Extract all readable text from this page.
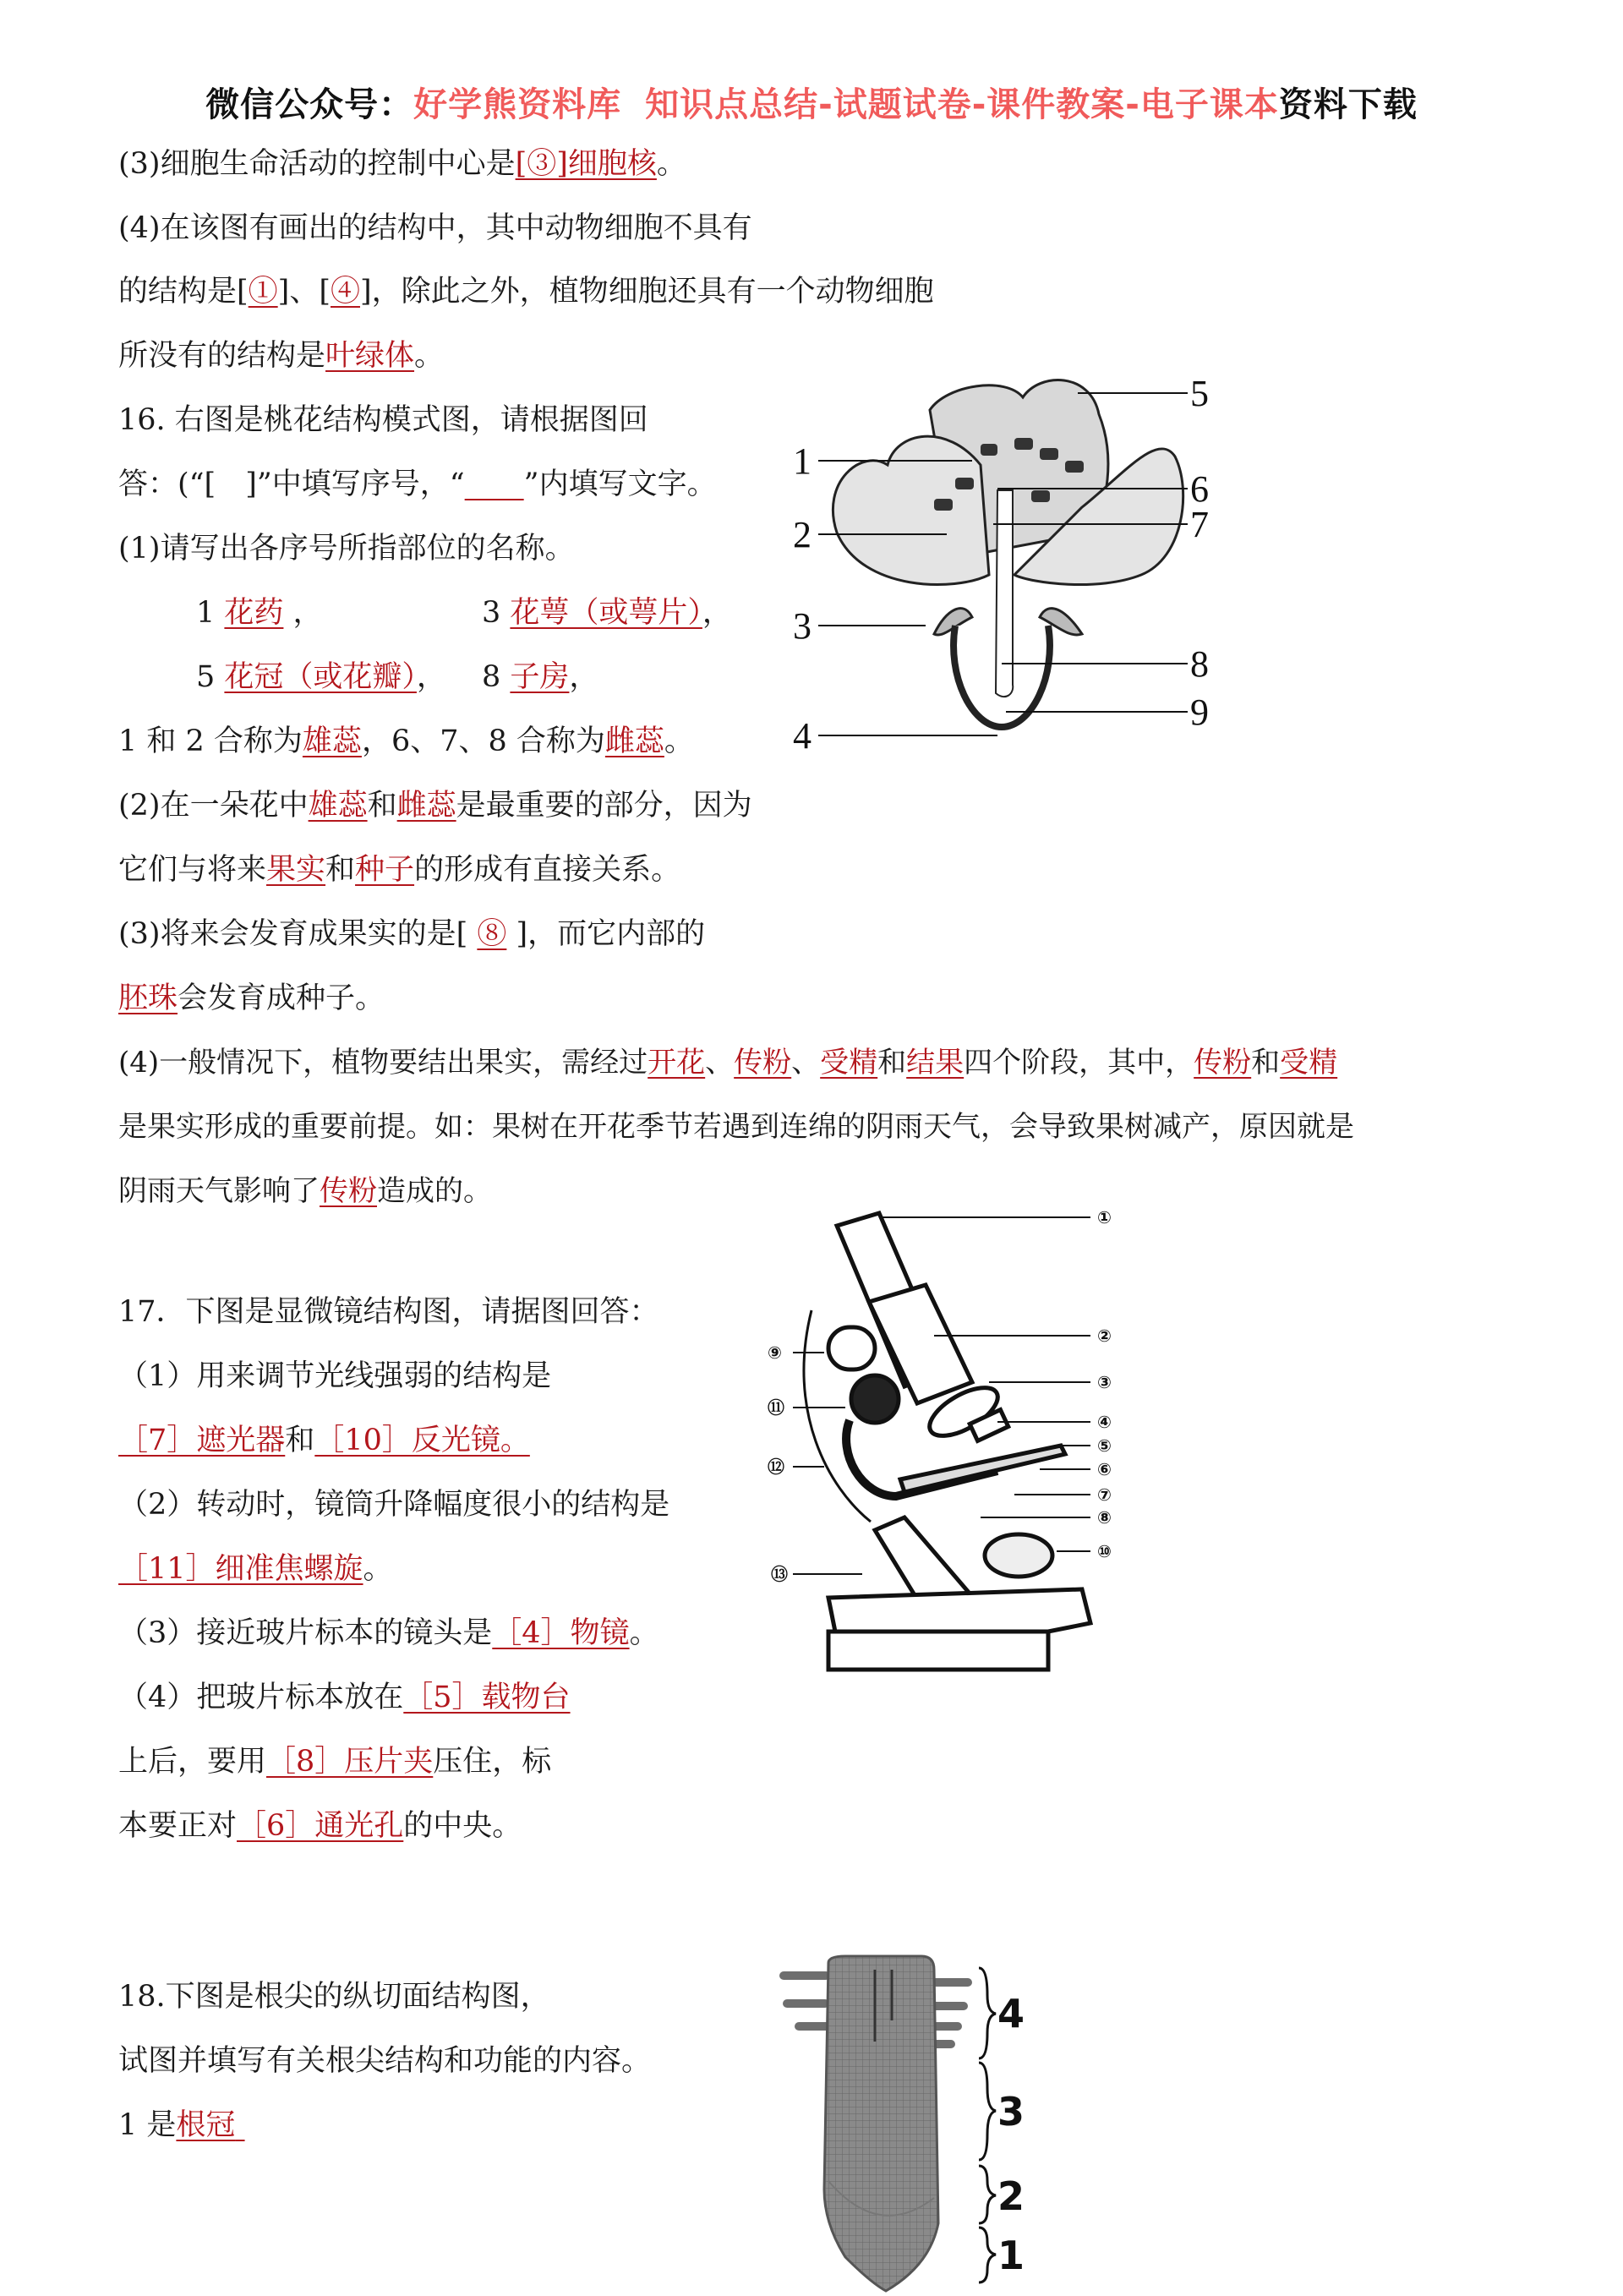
微信公众号：好学熊资料库 知识点总结-试题试卷-课件教案-电子课本资料下载
(3)细胞生命活动的控制中心是[③]细胞核。
(4)在该图有画出的结构中，其中动物细胞不具有
的结构是[①]、[④]，除此之外，植物细胞还具有一个动物细胞
所没有的结构是叶绿体。
16. 右图是桃花结构模式图，请根据图回
答：(“[　]”中填写序号，“　　 ”内填写文字。
(1)请写出各序号所指部位的名称。
1 花药 ，	3 花萼（或萼片），
5 花冠（或花瓣）， 8 子房，
1 和 2 合称为雄蕊，6、7、8 合称为雌蕊。
(2)在一朵花中雄蕊和雌蕊是最重要的部分，因为
它们与将来果实和种子的形成有直接关系。
(3)将来会发育成果实的是[ ⑧ ]，而它内部的
胚珠会发育成种子。
(4)一般情况下，植物要结出果实，需经过开花、传粉、受精和结果四个阶段，其中，传粉和受精
是果实形成的重要前提。如：果树在开花季节若遇到连绵的阴雨天气，会导致果树减产，原因就是
阴雨天气影响了传粉造成的。
1
2
3
4
5
6
7
8
9
17．下图是显微镜结构图，请据图回答：
（1）用来调节光线强弱的结构是
［7］遮光器和［10］反光镜。
（2）转动时，镜筒升降幅度很小的结构是
［11］细准焦螺旋。
（3）接近玻片标本的镜头是［4］物镜。
（4）把玻片标本放在［5］载物台
上后，要用［8］压片夹压住，标
本要正对［6］通光孔的中央。
①
②
③
④
⑤
⑥
⑦
⑧
⑩
⑨
⑪
⑫
⑬
18.下图是根尖的纵切面结构图，
试图并填写有关根尖结构和功能的内容。
1 是根冠
4
3
2
1
